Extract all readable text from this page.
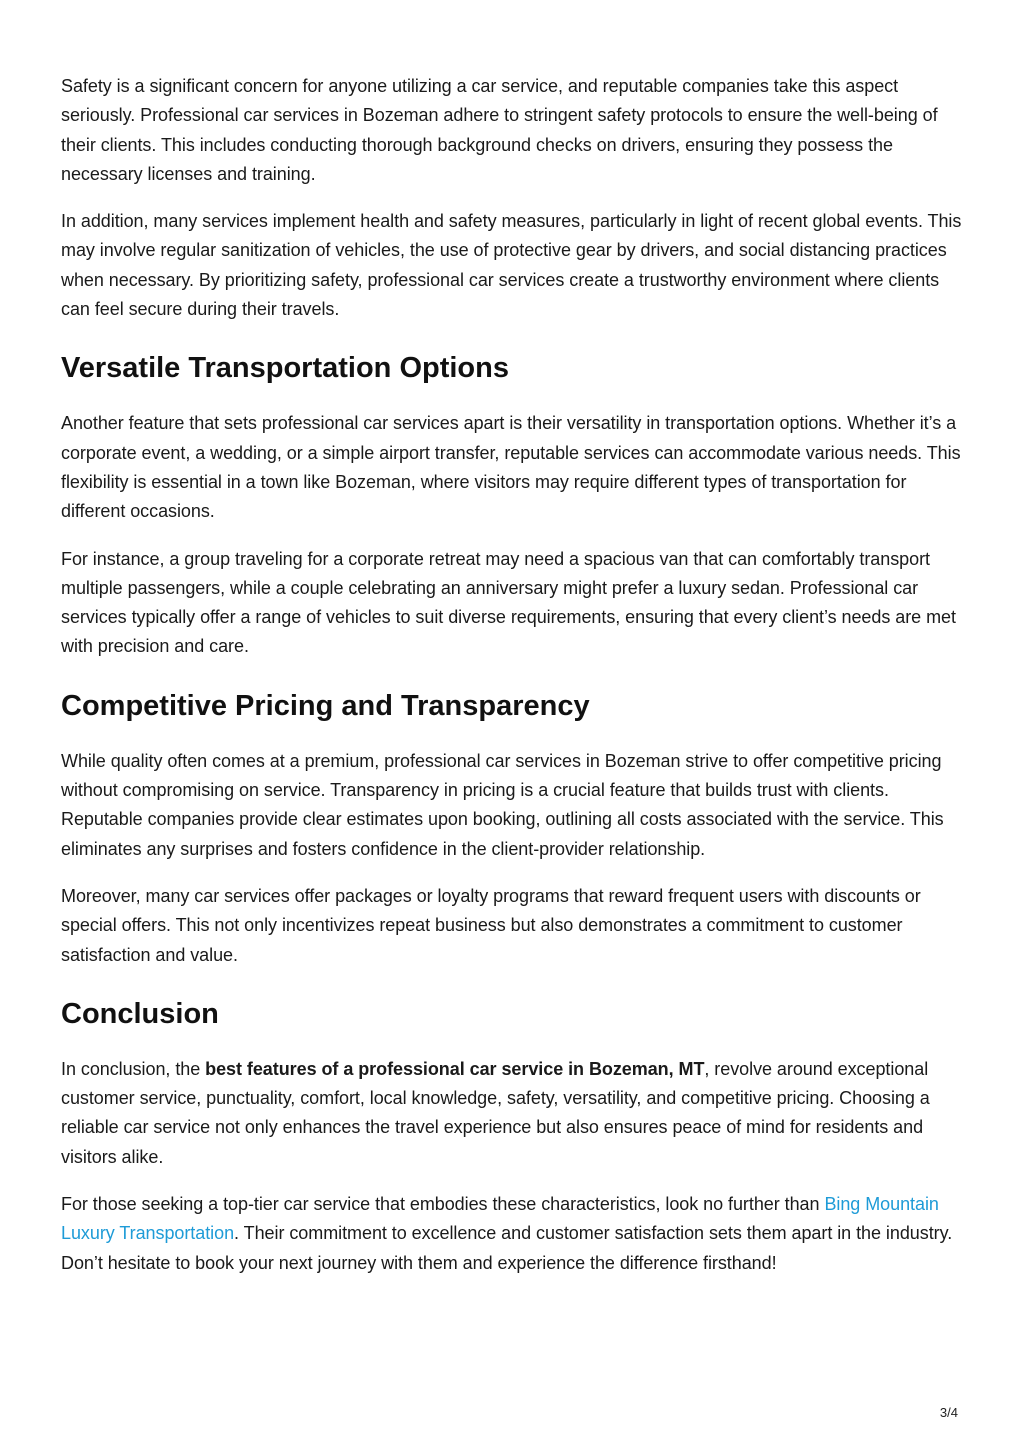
Safety is a significant concern for anyone utilizing a car service, and reputable companies take this aspect seriously. Professional car services in Bozeman adhere to stringent safety protocols to ensure the well-being of their clients. This includes conducting thorough background checks on drivers, ensuring they possess the necessary licenses and training.

In addition, many services implement health and safety measures, particularly in light of recent global events. This may involve regular sanitization of vehicles, the use of protective gear by drivers, and social distancing practices when necessary. By prioritizing safety, professional car services create a trustworthy environment where clients can feel secure during their travels.

Versatile Transportation Options

Another feature that sets professional car services apart is their versatility in transportation options. Whether it’s a corporate event, a wedding, or a simple airport transfer, reputable services can accommodate various needs. This flexibility is essential in a town like Bozeman, where visitors may require different types of transportation for different occasions.

For instance, a group traveling for a corporate retreat may need a spacious van that can comfortably transport multiple passengers, while a couple celebrating an anniversary might prefer a luxury sedan. Professional car services typically offer a range of vehicles to suit diverse requirements, ensuring that every client’s needs are met with precision and care.

Competitive Pricing and Transparency

While quality often comes at a premium, professional car services in Bozeman strive to offer competitive pricing without compromising on service. Transparency in pricing is a crucial feature that builds trust with clients. Reputable companies provide clear estimates upon booking, outlining all costs associated with the service. This eliminates any surprises and fosters confidence in the client-provider relationship.

Moreover, many car services offer packages or loyalty programs that reward frequent users with discounts or special offers. This not only incentivizes repeat business but also demonstrates a commitment to customer satisfaction and value.

Conclusion

In conclusion, the best features of a professional car service in Bozeman, MT, revolve around exceptional customer service, punctuality, comfort, local knowledge, safety, versatility, and competitive pricing. Choosing a reliable car service not only enhances the travel experience but also ensures peace of mind for residents and visitors alike.

For those seeking a top-tier car service that embodies these characteristics, look no further than Bing Mountain Luxury Transportation. Their commitment to excellence and customer satisfaction sets them apart in the industry. Don’t hesitate to book your next journey with them and experience the difference firsthand!

3/4
